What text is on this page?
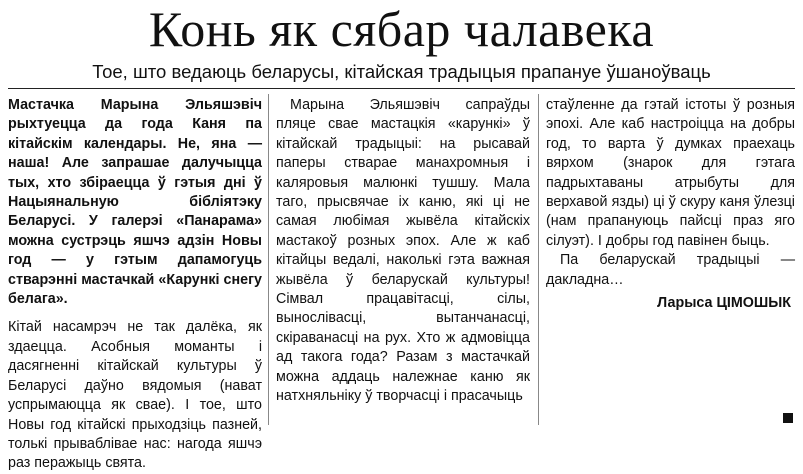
Конь як сябар чалавека
Тое, што ведаюць беларусы, кітайская традыцыя прапануе ўшаноўваць

Мастачка Марына Эльяшэвіч рыхтуецца да года Каня па кітайскім календары. Не, яна — наша! Але запрашае далучыцца тых, хто збіраецца ў гэтыя дні ў Нацыянальную бібліятэку Беларусі. У галерэі «Панарама» можна сустрэць яшчэ адзін Новы год — у гэтым дапамогуць стварэнні мастачкай «Карункі снегу белага».

Кітай насамрэч не так далёка, як здаецца. Асобныя моманты і дасягненні кітайскай культуры ў Беларусі даўно вядомыя (нават успрымаюцца як свае). І тое, што Новы год кітайскі прыходзіць пазней, толькі прываблівае нас: нагода яшчэ раз перажыць свята.

Марына Эльяшэвіч сапраўды пляце свае мастацкія «карункі» ў кітайскай традыцыі: на рысавай паперы стварае манахромныя і каляровыя малюнкі тушшу. Мала таго, прысвячае іх каню, які ці не самая любімая жывёла кітайскіх мастакоў розных эпох. Але ж каб кітайцы ведалі, наколькі гэта важная жывёла ў беларускай культуры! Сімвал працавітасці, сілы, вынослівасці, вытанчанасці, скіраванасці на рух. Хто ж адмовіцца ад такога года? Разам з мастачкай можна аддаць належнае каню як натхняльніку ў творчасці і прасачыць

стаўленне да гэтай істоты ў розныя эпохі. Але каб настроіцца на добры год, то варта ў думках праехаць вярхом (знарок для гэтага падрыхтаваны атрыбуты для верхавой язды) ці ў скуру каня ўлезці (нам прапануюць пайсці праз яго сілуэт). І добры год павінен быць.

Па беларускай традыцыі — дакладна…

Ларыса ЦІМОШЫК
